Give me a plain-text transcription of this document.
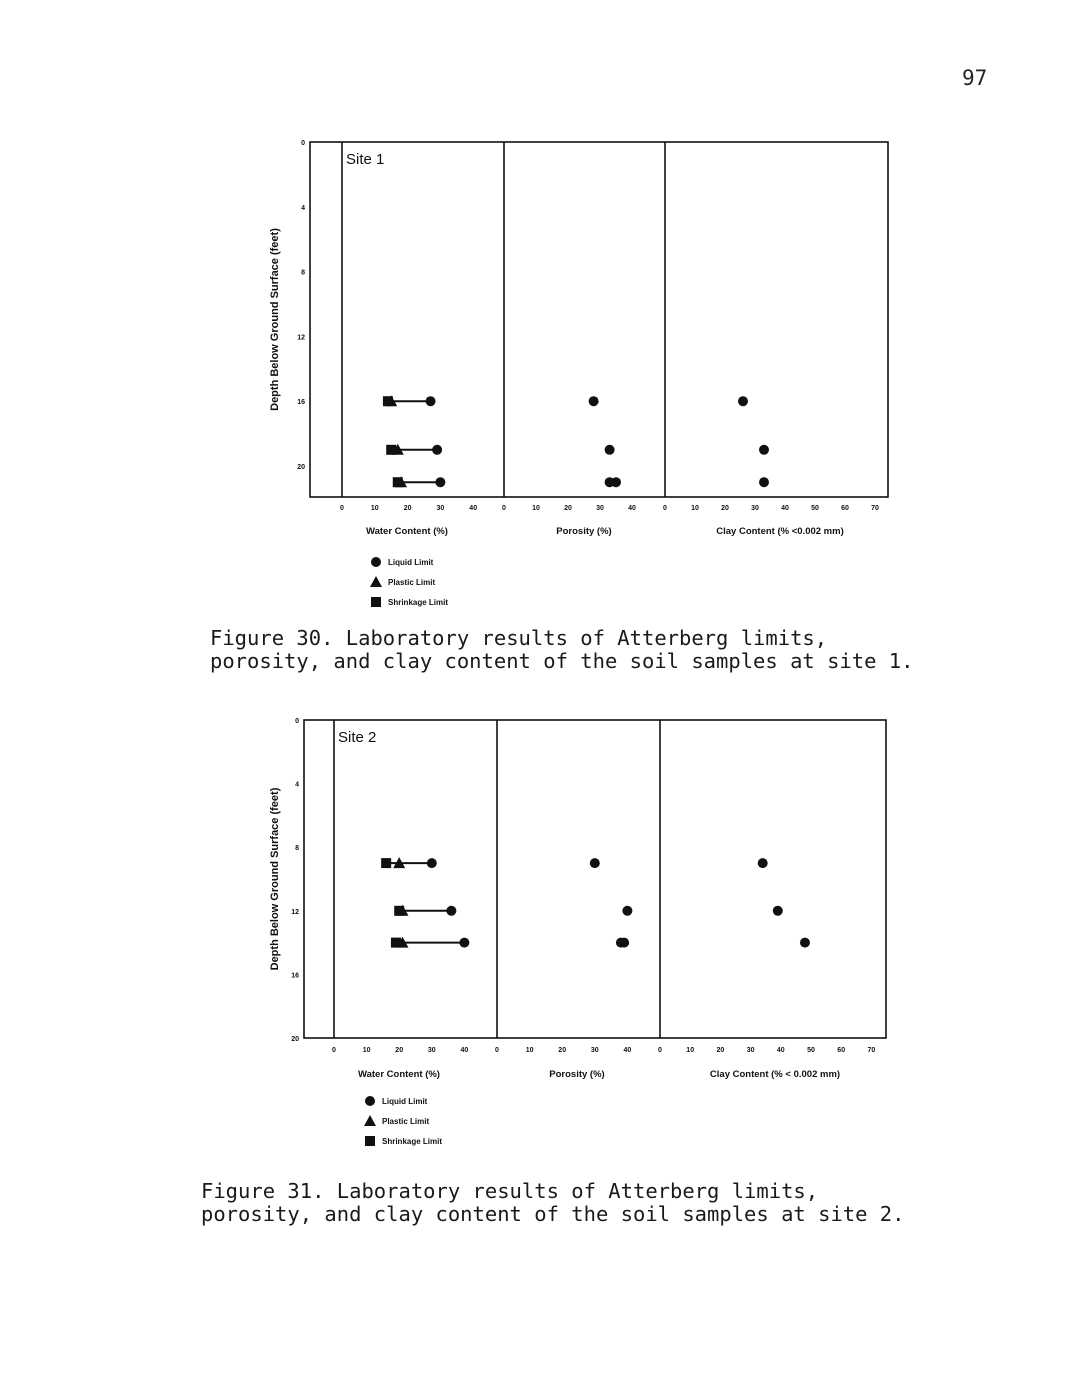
97
Site 1
Depth Below Ground Surface (feet)
0
4
8
12
16
20
0	10	20	30	40
Water Content (%)
0	10	20	30	40
Porosity (%)
0	10	20	30	40	50	60	70
Clay Content (% <0.002 mm)
Liquid Limit
Plastic Limit
Shrinkage Limit

Figure 30. Laboratory results of Atterberg limits,
porosity, and clay content of the soil samples at site 1.

Site 2
Depth Below Ground Surface (feet)
0
4
8
12
16
20
0	10	20	30	40
Water Content (%)
0	10	20	30	40
Porosity (%)
0	10	20	30	40	50	60	70
Clay Content (% < 0.002 mm)
Liquid Limit
Plastic Limit
Shrinkage Limit

Figure 31. Laboratory results of Atterberg limits,
porosity, and clay content of the soil samples at site 2.
